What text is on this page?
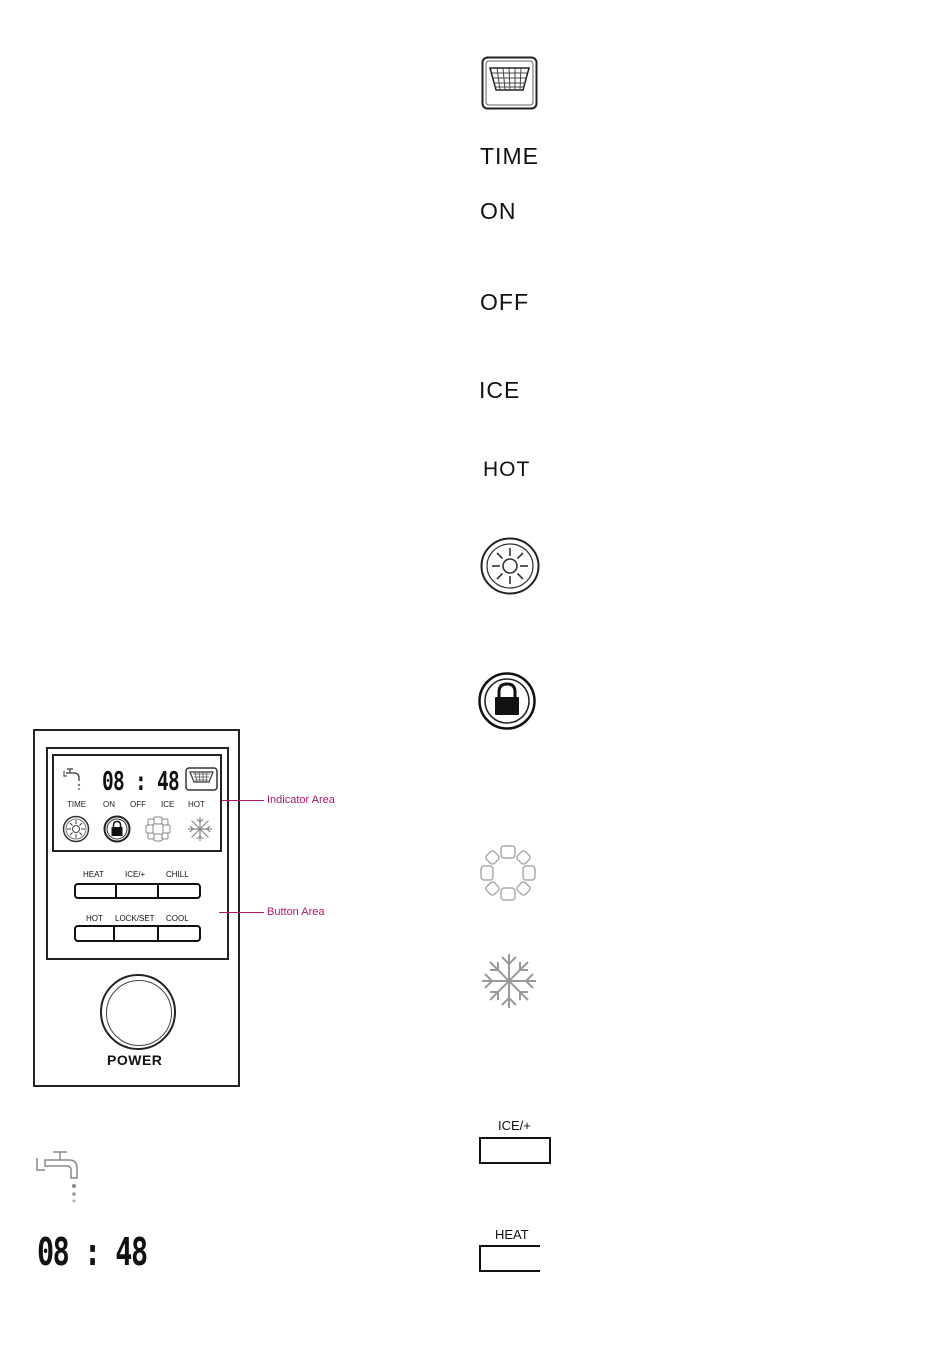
08 : 48
TIME ON OFF ICE HOT
HEAT	ICE/+	CHILL
HOT LOCK/SET COOL
POWER
Indicator Area
Button Area
08 : 48
TIME
ON
OFF
ICE
HOT
ICE/+
HEAT
